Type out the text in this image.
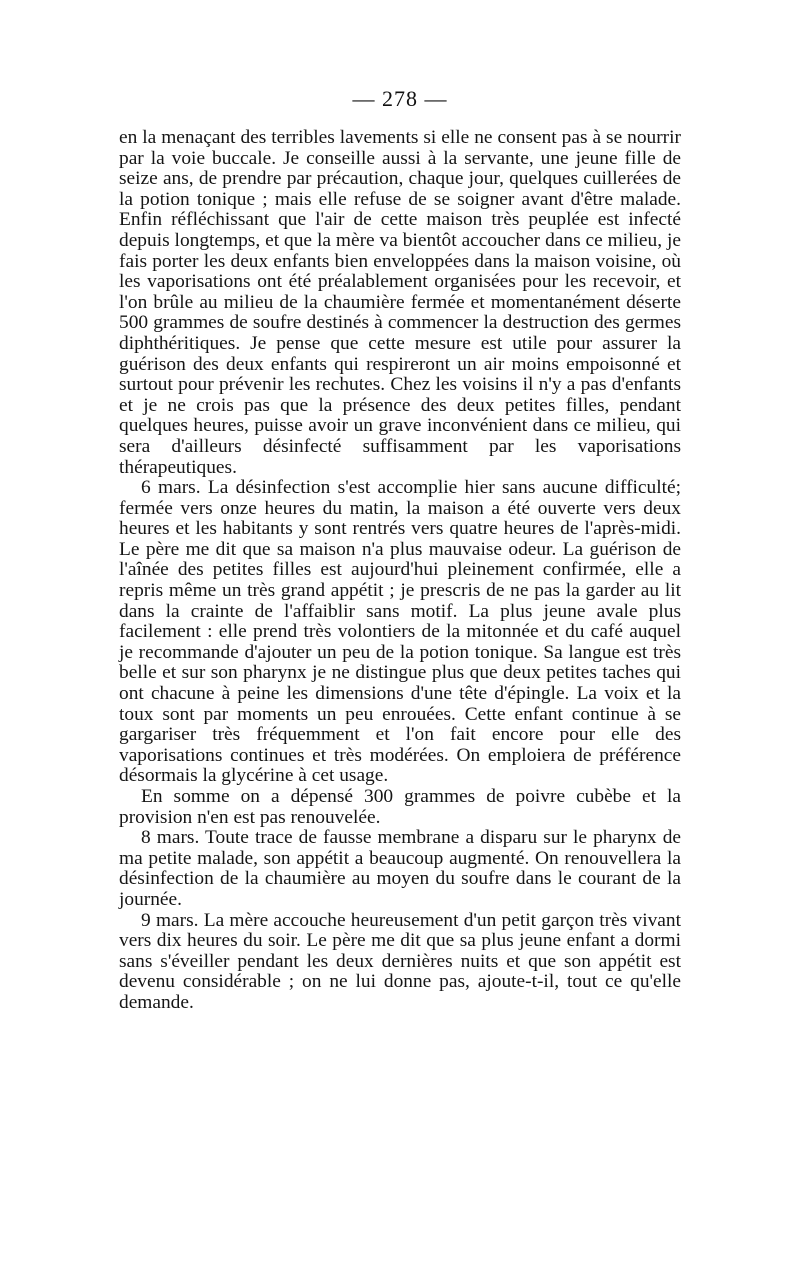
— 278 —

en la menaçant des terribles lavements si elle ne consent pas à se nourrir par la voie buccale. Je conseille aussi à la servante, une jeune fille de seize ans, de prendre par précaution, chaque jour, quelques cuillerées de la potion tonique ; mais elle refuse de se soigner avant d'être malade. Enfin réfléchissant que l'air de cette maison très peuplée est infecté depuis longtemps, et que la mère va bientôt accoucher dans ce milieu, je fais porter les deux enfants bien enveloppées dans la maison voisine, où les vaporisations ont été préalablement organisées pour les recevoir, et l'on brûle au milieu de la chaumière fermée et momentanément déserte 500 grammes de soufre destinés à commencer la destruction des germes diphthéritiques. Je pense que cette mesure est utile pour assurer la guérison des deux enfants qui respireront un air moins empoisonné et surtout pour prévenir les rechutes. Chez les voisins il n'y a pas d'enfants et je ne crois pas que la présence des deux petites filles, pendant quelques heures, puisse avoir un grave inconvénient dans ce milieu, qui sera d'ailleurs désinfecté suffisamment par les vaporisations thérapeutiques.

6 mars. La désinfection s'est accomplie hier sans aucune difficulté; fermée vers onze heures du matin, la maison a été ouverte vers deux heures et les habitants y sont rentrés vers quatre heures de l'après-midi. Le père me dit que sa maison n'a plus mauvaise odeur. La guérison de l'aînée des petites filles est aujourd'hui pleinement confirmée, elle a repris même un très grand appétit ; je prescris de ne pas la garder au lit dans la crainte de l'affaiblir sans motif. La plus jeune avale plus facilement : elle prend très volontiers de la mitonnée et du café auquel je recommande d'ajouter un peu de la potion tonique. Sa langue est très belle et sur son pharynx je ne distingue plus que deux petites taches qui ont chacune à peine les dimensions d'une tête d'épingle. La voix et la toux sont par moments un peu enrouées. Cette enfant continue à se gargariser très fréquemment et l'on fait encore pour elle des vaporisations continues et très modérées. On emploiera de préférence désormais la glycérine à cet usage.

En somme on a dépensé 300 grammes de poivre cubèbe et la provision n'en est pas renouvelée.

8 mars. Toute trace de fausse membrane a disparu sur le pharynx de ma petite malade, son appétit a beaucoup augmenté. On renouvellera la désinfection de la chaumière au moyen du soufre dans le courant de la journée.

9 mars. La mère accouche heureusement d'un petit garçon très vivant vers dix heures du soir. Le père me dit que sa plus jeune enfant a dormi sans s'éveiller pendant les deux dernières nuits et que son appétit est devenu considérable ; on ne lui donne pas, ajoute-t-il, tout ce qu'elle demande.
